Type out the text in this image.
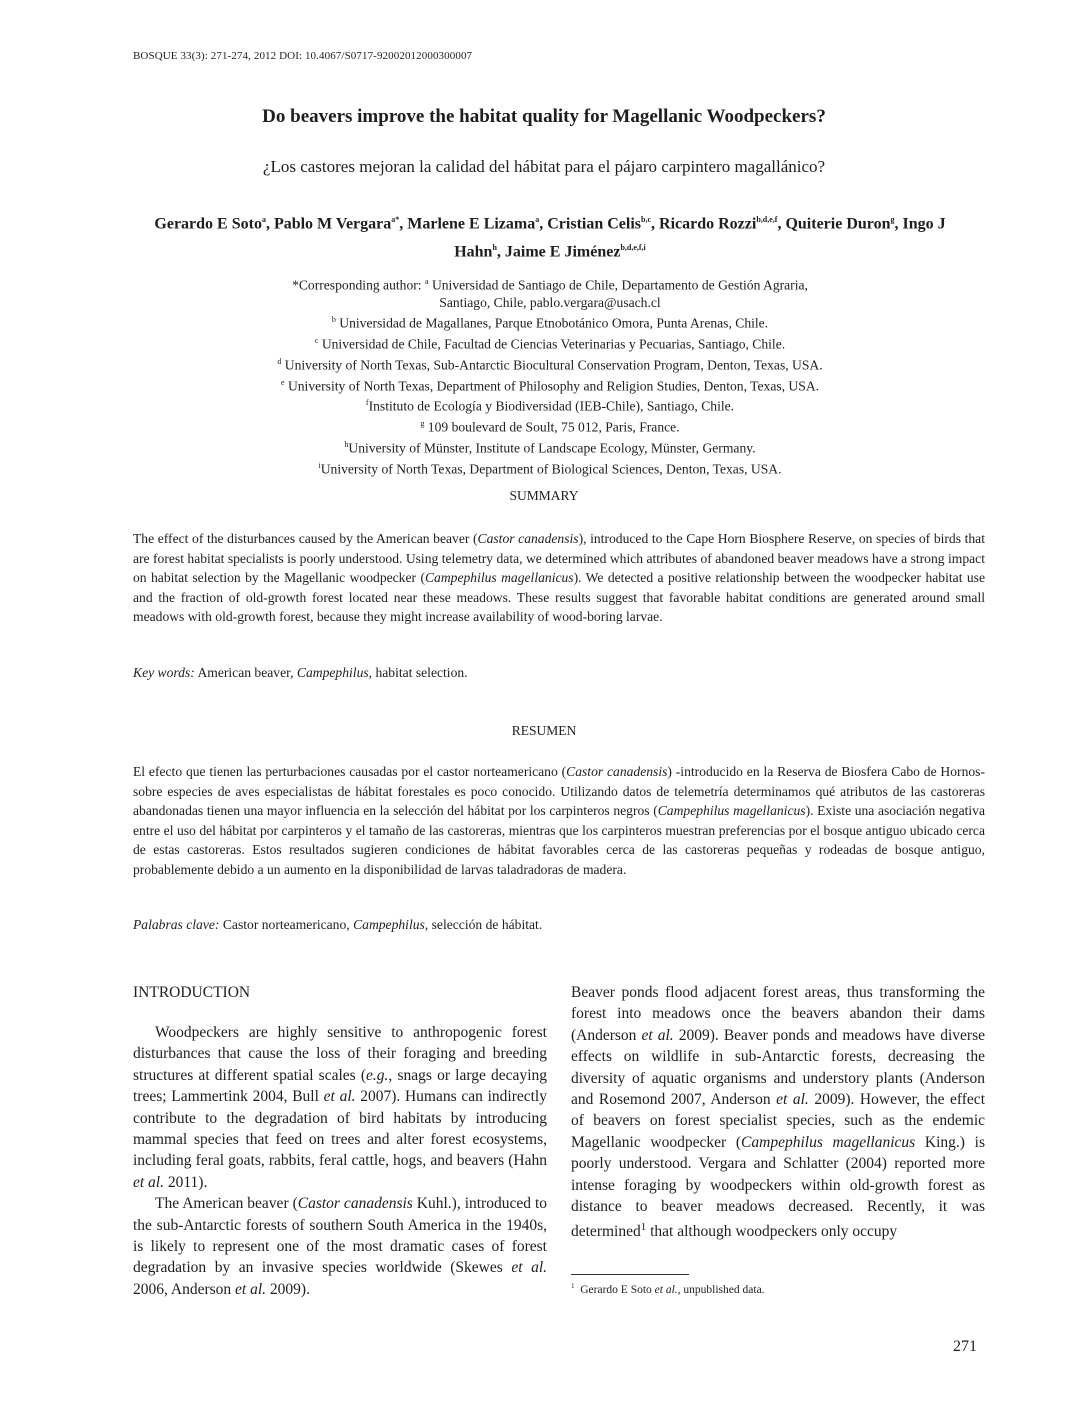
BOSQUE 33(3): 271-274, 2012 DOI: 10.4067/S0717-92002012000300007
Do beavers improve the habitat quality for Magellanic Woodpeckers?
¿Los castores mejoran la calidad del hábitat para el pájaro carpintero magallánico?
Gerardo E Soto$^a$, Pablo M Vergara$^{a*}$, Marlene E Lizama$^a$, Cristian Celis$^{b,c}$, Ricardo Rozzi$^{b,d,e,f}$, Quiterie Duron$^g$, Ingo J Hahn$^h$, Jaime E Jiménez$^{b,d,e,f,i}$
*Corresponding author: $^a$ Universidad de Santiago de Chile, Departamento de Gestión Agraria,
Santiago, Chile, pablo.vergara@usach.cl
$^b$ Universidad de Magallanes, Parque Etnobotánico Omora, Punta Arenas, Chile.
$^c$ Universidad de Chile, Facultad de Ciencias Veterinarias y Pecuarias, Santiago, Chile.
$^d$ University of North Texas, Sub-Antarctic Biocultural Conservation Program, Denton, Texas, USA.
$^e$ University of North Texas, Department of Philosophy and Religion Studies, Denton, Texas, USA.
$^f$Instituto de Ecología y Biodiversidad (IEB-Chile), Santiago, Chile.
$^g$ 109 boulevard de Soult, 75 012, Paris, France.
$^h$University of Münster, Institute of Landscape Ecology, Münster, Germany.
$^i$University of North Texas, Department of Biological Sciences, Denton, Texas, USA.
SUMMARY
The effect of the disturbances caused by the American beaver (Castor canadensis), introduced to the Cape Horn Biosphere Reserve, on species of birds that are forest habitat specialists is poorly understood. Using telemetry data, we determined which attributes of abandoned beaver meadows have a strong impact on habitat selection by the Magellanic woodpecker (Campephilus magellanicus). We detected a positive relationship between the woodpecker habitat use and the fraction of old-growth forest located near these meadows. These results suggest that favorable habitat conditions are generated around small meadows with old-growth forest, because they might increase availability of wood-boring larvae.
Key words: American beaver, Campephilus, habitat selection.
RESUMEN
El efecto que tienen las perturbaciones causadas por el castor norteamericano (Castor canadensis) -introducido en la Reserva de Biosfera Cabo de Hornos- sobre especies de aves especialistas de hábitat forestales es poco conocido. Utilizando datos de telemetría determinamos qué atributos de las castoreras abandonadas tienen una mayor influencia en la selección del hábitat por los carpinteros negros (Campephilus magellanicus). Existe una asociación negativa entre el uso del hábitat por carpinteros y el tamaño de las castoreras, mientras que los carpinteros muestran preferencias por el bosque antiguo ubicado cerca de estas castoreras. Estos resultados sugieren condiciones de hábitat favorables cerca de las castoreras pequeñas y rodeadas de bosque antiguo, probablemente debido a un aumento en la disponibilidad de larvas taladradoras de madera.
Palabras clave: Castor norteamericano, Campephilus, selección de hábitat.
INTRODUCTION

Woodpeckers are highly sensitive to anthropogenic forest disturbances that cause the loss of their foraging and breeding structures at different spatial scales (e.g., snags or large decaying trees; Lammertink 2004, Bull et al. 2007). Humans can indirectly contribute to the degradation of bird habitats by introducing mammal species that feed on trees and alter forest ecosystems, including feral goats, rabbits, feral cattle, hogs, and beavers (Hahn et al. 2011).

The American beaver (Castor canadensis Kuhl.), introduced to the sub-Antarctic forests of southern South America in the 1940s, is likely to represent one of the most dramatic cases of forest degradation by an invasive species worldwide (Skewes et al. 2006, Anderson et al. 2009).

Beaver ponds flood adjacent forest areas, thus transforming the forest into meadows once the beavers abandon their dams (Anderson et al. 2009). Beaver ponds and meadows have diverse effects on wildlife in sub-Antarctic forests, decreasing the diversity of aquatic organisms and understory plants (Anderson and Rosemond 2007, Anderson et al. 2009). However, the effect of beavers on forest specialist species, such as the endemic Magellanic woodpecker (Campephilus magellanicus King.) is poorly understood. Vergara and Schlatter (2004) reported more intense foraging by woodpeckers within old-growth forest as distance to beaver meadows decreased. Recently, it was determined$^1$ that although woodpeckers only occupy

$^1$ Gerardo E Soto et al., unpublished data.
271
